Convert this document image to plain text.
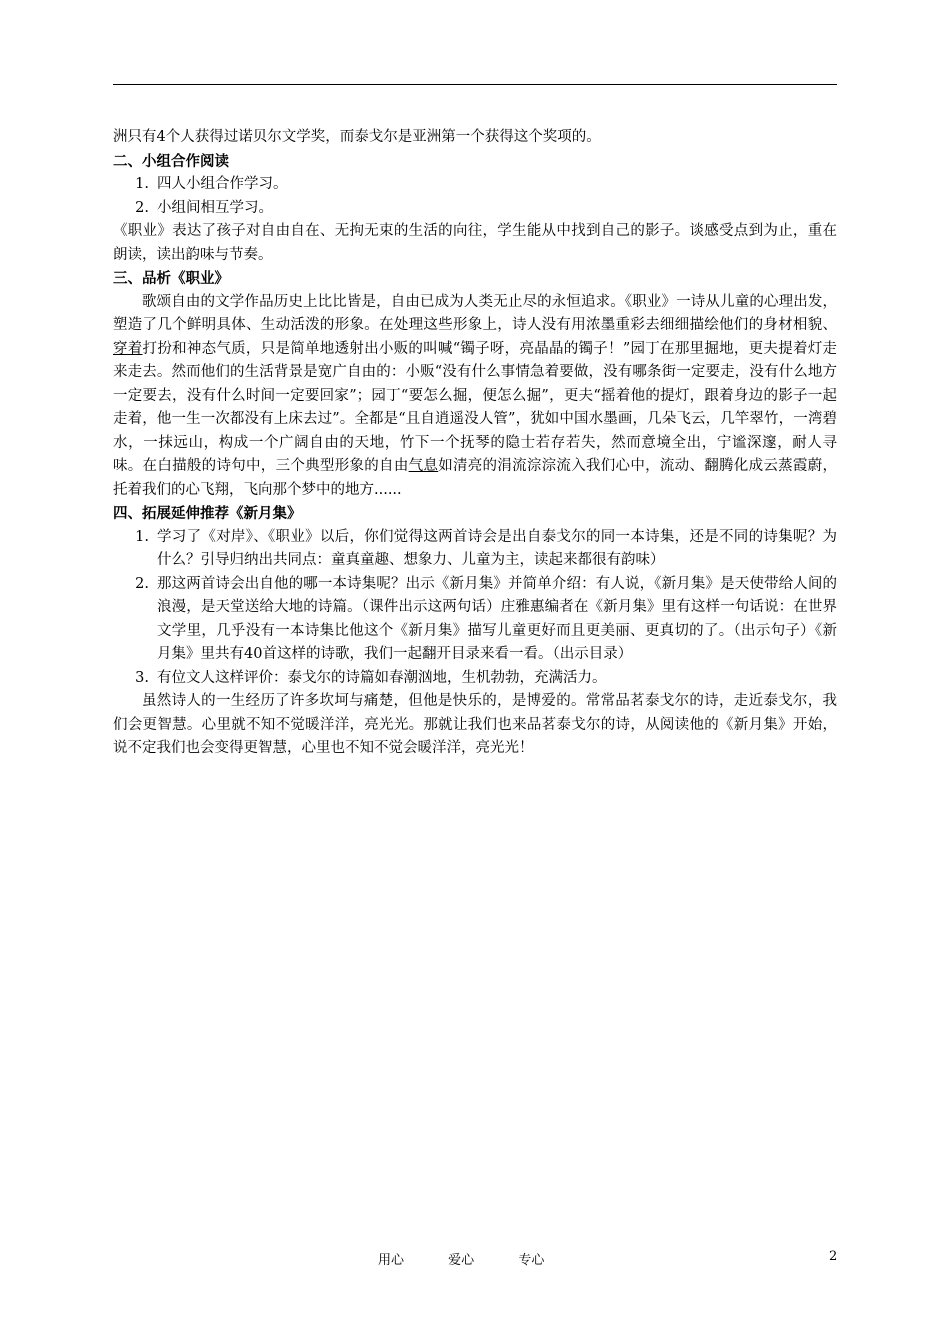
洲只有4个人获得过诺贝尔文学奖，而泰戈尔是亚洲第一个获得这个奖项的。

二、小组合作阅读

1. 四人小组合作学习。
2. 小组间相互学习。

《职业》表达了孩子对自由自在、无拘无束的生活的向往，学生能从中找到自己的影子。谈感受点到为止，重在朗读，读出韵味与节奏。

三、品析《职业》

歌颂自由的文学作品历史上比比皆是，自由已成为人类无止尽的永恒追求。《职业》一诗从儿童的心理出发，塑造了几个鲜明具体、生动活泼的形象。在处理这些形象上，诗人没有用浓墨重彩去细细描绘他们的身材相貌、穿着打扮和神态气质，只是简单地透射出小贩的叫喊“镯子呀，亮晶晶的镯子！”园丁在那里掘地，更夫提着灯走来走去。然而他们的生活背景是宽广自由的：小贩“没有什么事情急着要做，没有哪条街一定要走，没有什么地方一定要去，没有什么时间一定要回家”；园丁“要怎么掘，便怎么掘”，更夫“摇着他的提灯，跟着身边的影子一起走着，他一生一次都没有上床去过”。全都是“且自逍遥没人管”，犹如中国水墨画，几朵飞云，几竿翠竹，一湾碧水，一抹远山，构成一个广阔自由的天地，竹下一个抚琴的隐士若存若失，然而意境全出，宁谧深邃，耐人寻味。在白描般的诗句中，三个典型形象的自由气息如清亮的涓流淙淙流入我们心中，流动、翻腾化成云蒸霞蔚，托着我们的心飞翔，飞向那个梦中的地方......

四、拓展延伸推荐《新月集》

1. 学习了《对岸》、《职业》以后，你们觉得这两首诗会是出自泰戈尔的同一本诗集，还是不同的诗集呢？为什么？引导归纳出共同点：童真童趣、想象力、儿童为主，读起来都很有韵味）
2. 那这两首诗会出自他的哪一本诗集呢？出示《新月集》并简单介绍：有人说，《新月集》是天使带给人间的浪漫，是天堂送给大地的诗篇。（课件出示这两句话）庄雅惠编者在《新月集》里有这样一句话说：在世界文学里，几乎没有一本诗集比他这个《新月集》描写儿童更好而且更美丽、更真切的了。（出示句子）《新月集》里共有40首这样的诗歌，我们一起翻开目录来看一看。（出示目录）
3. 有位文人这样评价：泰戈尔的诗篇如春潮汹地，生机勃勃，充满活力。

虽然诗人的一生经历了许多坎坷与痛楚，但他是快乐的，是博爱的。常常品茗泰戈尔的诗，走近泰戈尔，我们会更智慧。心里就不知不觉暖洋洋，亮光光。那就让我们也来品茗泰戈尔的诗，从阅读他的《新月集》开始，说不定我们也会变得更智慧，心里也不知不觉会暖洋洋，亮光光！

用心	爱心	专心	2
